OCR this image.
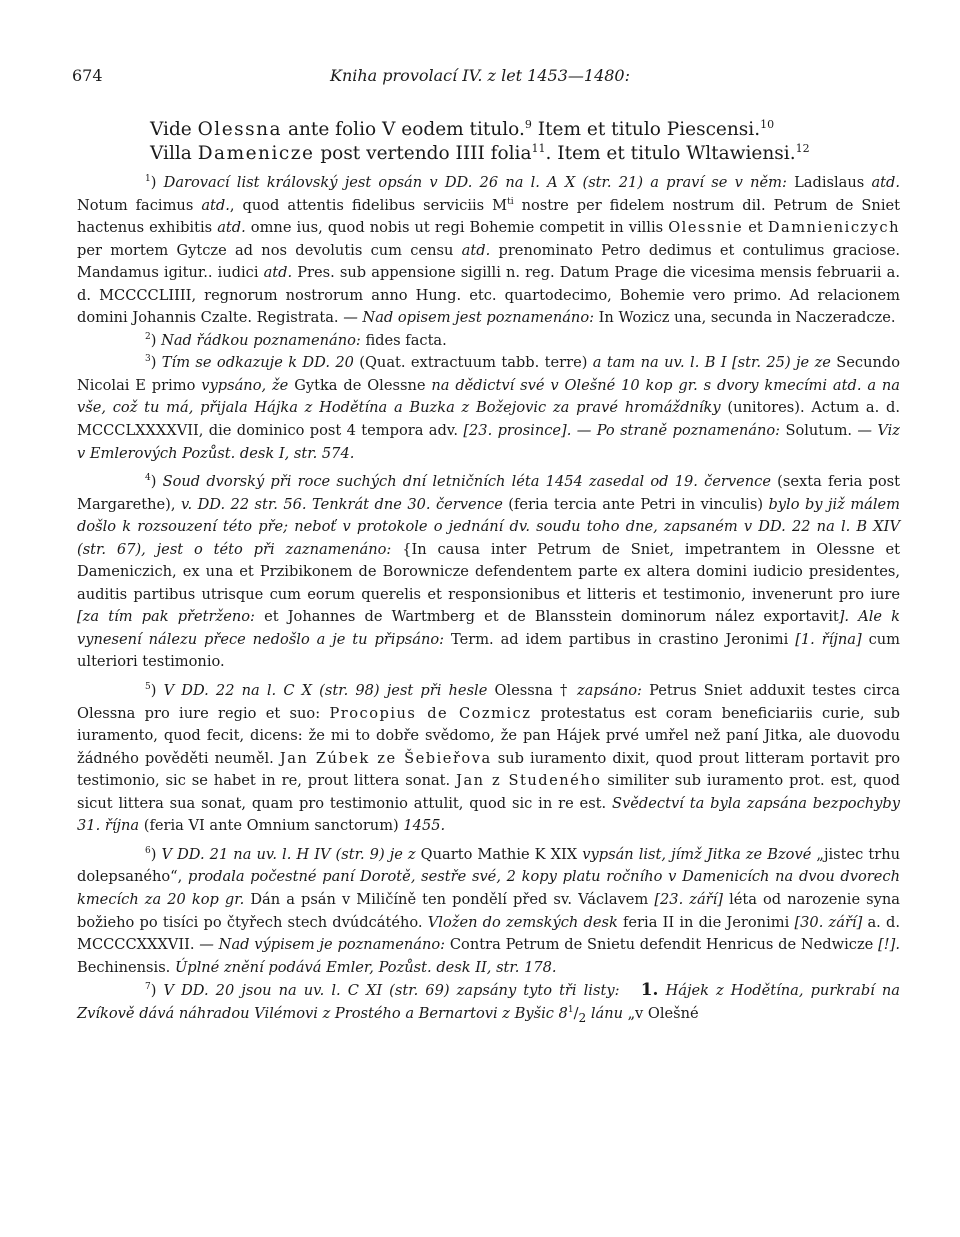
674	Kniha provolací IV. z let 1453—1480:
Vide Olessna ante folio V eodem titulo.$^9$ Item et titulo Piescensi.$^{10}$
Villa Damenicze post vertendo IIII folia$^{11}$. Item et titulo Wltawiensi.$^{12}$

$^1$) Darovací list královský jest opsán v DD. 26 na l. A X (str. 21) a praví se v něm: Ladislaus atd. Notum facimus atd., quod attentis fidelibus serviciis $M^{ti}$ nostre per fidelem nostrum dil. Petrum de Sniet hactenus exhibitis atd. omne ius, quod nobis ut regi Bohemie competit in villis Olessnie et Damnieniczych per mortem Gytcze ad nos devolutis cum censu atd. prenominato Petro dedimus et contulimus graciose. Mandamus igitur.. iudici atd. Pres. sub appensione sigilli n. reg. Datum Prage die vicesima mensis februarii a. d. MCCCCLIIII, regnorum nostrorum anno Hung. etc. quartodecimo, Bohemie vero primo. Ad relacionem domini Johannis Czalte. Registrata. — Nad opisem jest poznamenáno: In Wozicz una, secunda in Naczeradcze.

$^2$) Nad řádkou poznamenáno: fides facta.

$^3$) Tím se odkazuje k DD. 20 (Quat. extractuum tabb. terre) a tam na uv. l. B I [str. 25) je ze Secundo Nicolai E primo vypsáno, že Gytka de Olessne na dědictví své v Olešné 10 kop gr. s dvory kmecími atd. a na vše, což tu má, přijala Hájka z Hodětína a Buzka z Božejovic za pravé hromáždníky (unitores). Actum a. d. MCCCLXXXXVII, die dominico post 4 tempora adv. [23. prosince]. — Po straně poznamenáno: Solutum. — Viz v Emlerových Pozůst. desk I, str. 574.

$^4$) Soud dvorský při roce suchých dní letničních léta 1454 zasedal od 19. července (sexta feria post Margarethe), v. DD. 22 str. 56. Tenkrát dne 30. července (feria tercia ante Petri in vinculis) bylo by již málem došlo k rozsouzení této pře; neboť v protokole o jednání dv. soudu toho dne, zapsaném v DD. 22 na l. B XIV (str. 67), jest o této při zaznamenáno: {In causa inter Petrum de Sniet, impetrantem in Olessne et Dameniczich, ex una et Przibikonem de Borownicze defendentem parte ex altera domini iudicio presidentes, auditis partibus utrisque cum eorum querelis et responsionibus et litteris et testimonio, invenerunt pro iure [za tím pak přetrženo: et Johannes de Wartmberg et de Blansstein dominorum nález exportavit]. Ale k vynesení nálezu přece nedošlo a je tu připsáno: Term. ad idem partibus in crastino Jeronimi [1. října] cum ulteriori testimonio.

$^5$) V DD. 22 na l. C X (str. 98) jest při hesle Olessna † zapsáno: Petrus Sniet adduxit testes circa Olessna pro iure regio et suo: Procopius de Cozmicz protestatus est coram beneficiariis curie, sub iuramento, quod fecit, dicens: že mi to dobře svědomo, že pan Hájek prvé umřel než paní Jitka, ale duovodu žádného pověděti neuměl. Jan Zúbek ze Šebieřova sub iuramento dixit, quod prout litteram portavit pro testimonio, sic se habet in re, prout littera sonat. Jan z Studeného similiter sub iuramento prot. est, quod sicut littera sua sonat, quam pro testimonio attulit, quod sic in re est. Svědectví ta byla zapsána bezpochyby 31. října (feria VI ante Omnium sanctorum) 1455.

$^6$) V DD. 21 na uv. l. H IV (str. 9) je z Quarto Mathie K XIX vypsán list, jímž Jitka ze Bzové „jistec trhu dolepsaného“, prodala počestné paní Dorotě, sestře své, 2 kopy platu ročního v Damenicích na dvou dvorech kmecích za 20 kop gr. Dán a psán v Miličíně ten pondělí před sv. Václavem [23. září] léta od narozenie syna božieho po tisíci po čtyřech stech dvúdcátého. Vložen do zemských desk feria II in die Jeronimi [30. září] a. d. MCCCCXXXVII. — Nad výpisem je poznamenáno: Contra Petrum de Snietu defendit Henricus de Nedwicze [!]. Bechinensis. Úplné znění podává Emler, Pozůst. desk II, str. 178.

$^7$) V DD. 20 jsou na uv. l. C XI (str. 69) zapsány tyto tři listy: 1. Hájek z Hodětína, purkrabí na Zvíkově dává náhradou Vilémovi z Prostého a Bernartovi z Byšic $8^1/_2$ lánu „v Olešné
